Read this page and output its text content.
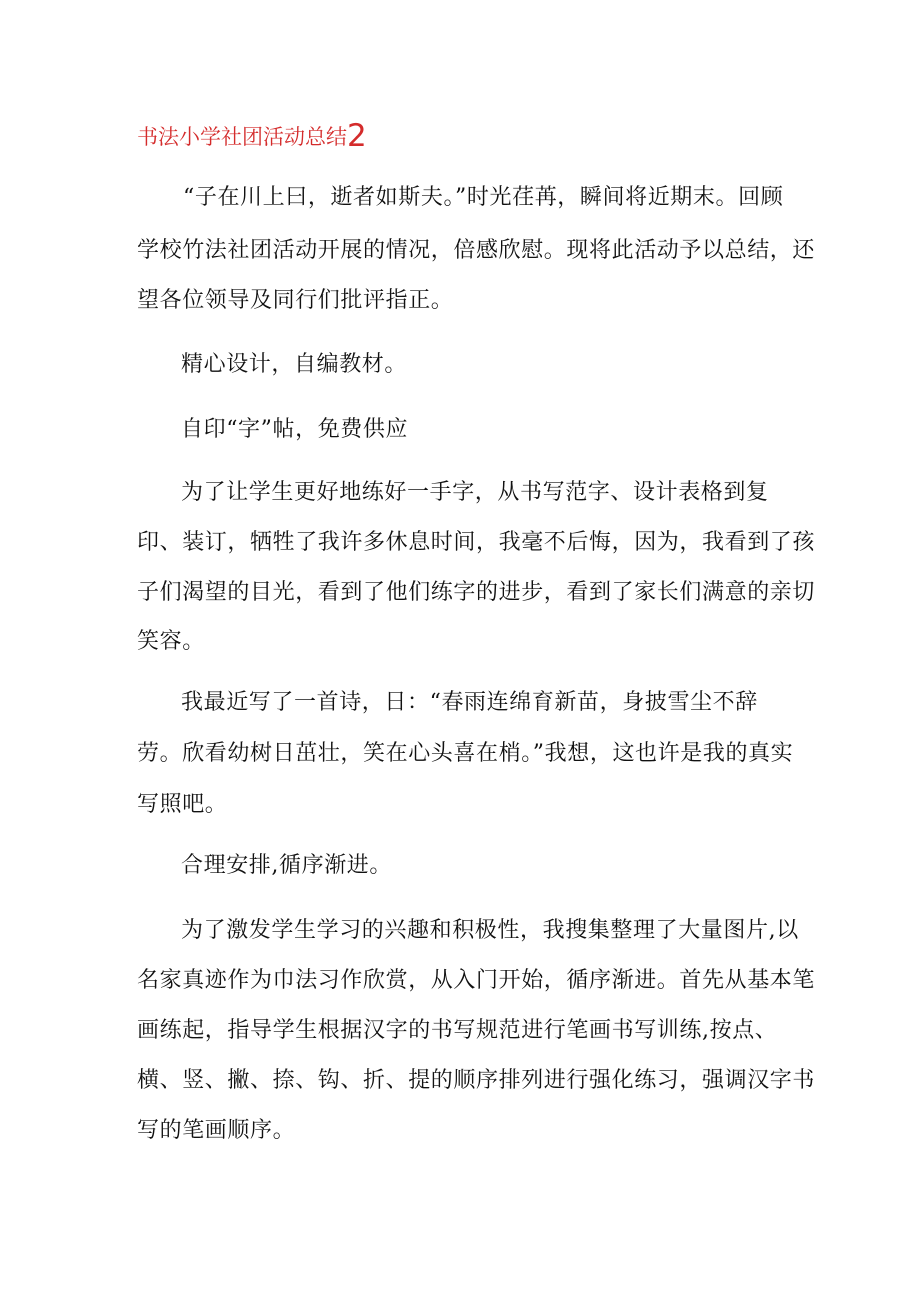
书法小学社团活动总结2
“子在川上曰，逝者如斯夫。”时光荏苒，瞬间将近期末。回顾
学校竹法社团活动开展的情况，倍感欣慰。现将此活动予以总结，还
望各位领导及同行们批评指正。
精心设计，自编教材。
自印“字”帖，免费供应
为了让学生更好地练好一手字，从书写范字、设计表格到复
印、装订，牺牲了我许多休息时间，我毫不后悔，因为，我看到了孩
子们渴望的目光，看到了他们练字的进步，看到了家长们满意的亲切
笑容。
我最近写了一首诗，日：“春雨连绵育新苗，身披雪尘不辞
劳。欣看幼树日茁壮，笑在心头喜在梢。”我想，这也许是我的真实
写照吧。
合理安排,循序渐进。
为了激发学生学习的兴趣和积极性，我搜集整理了大量图片,以
名家真迹作为巾法习作欣赏，从入门开始，循序渐进。首先从基本笔
画练起，指导学生根据汉字的书写规范进行笔画书写训练,按点、
横、竖、撇、捺、钩、折、提的顺序排列进行强化练习，强调汉字书
写的笔画顺序。
